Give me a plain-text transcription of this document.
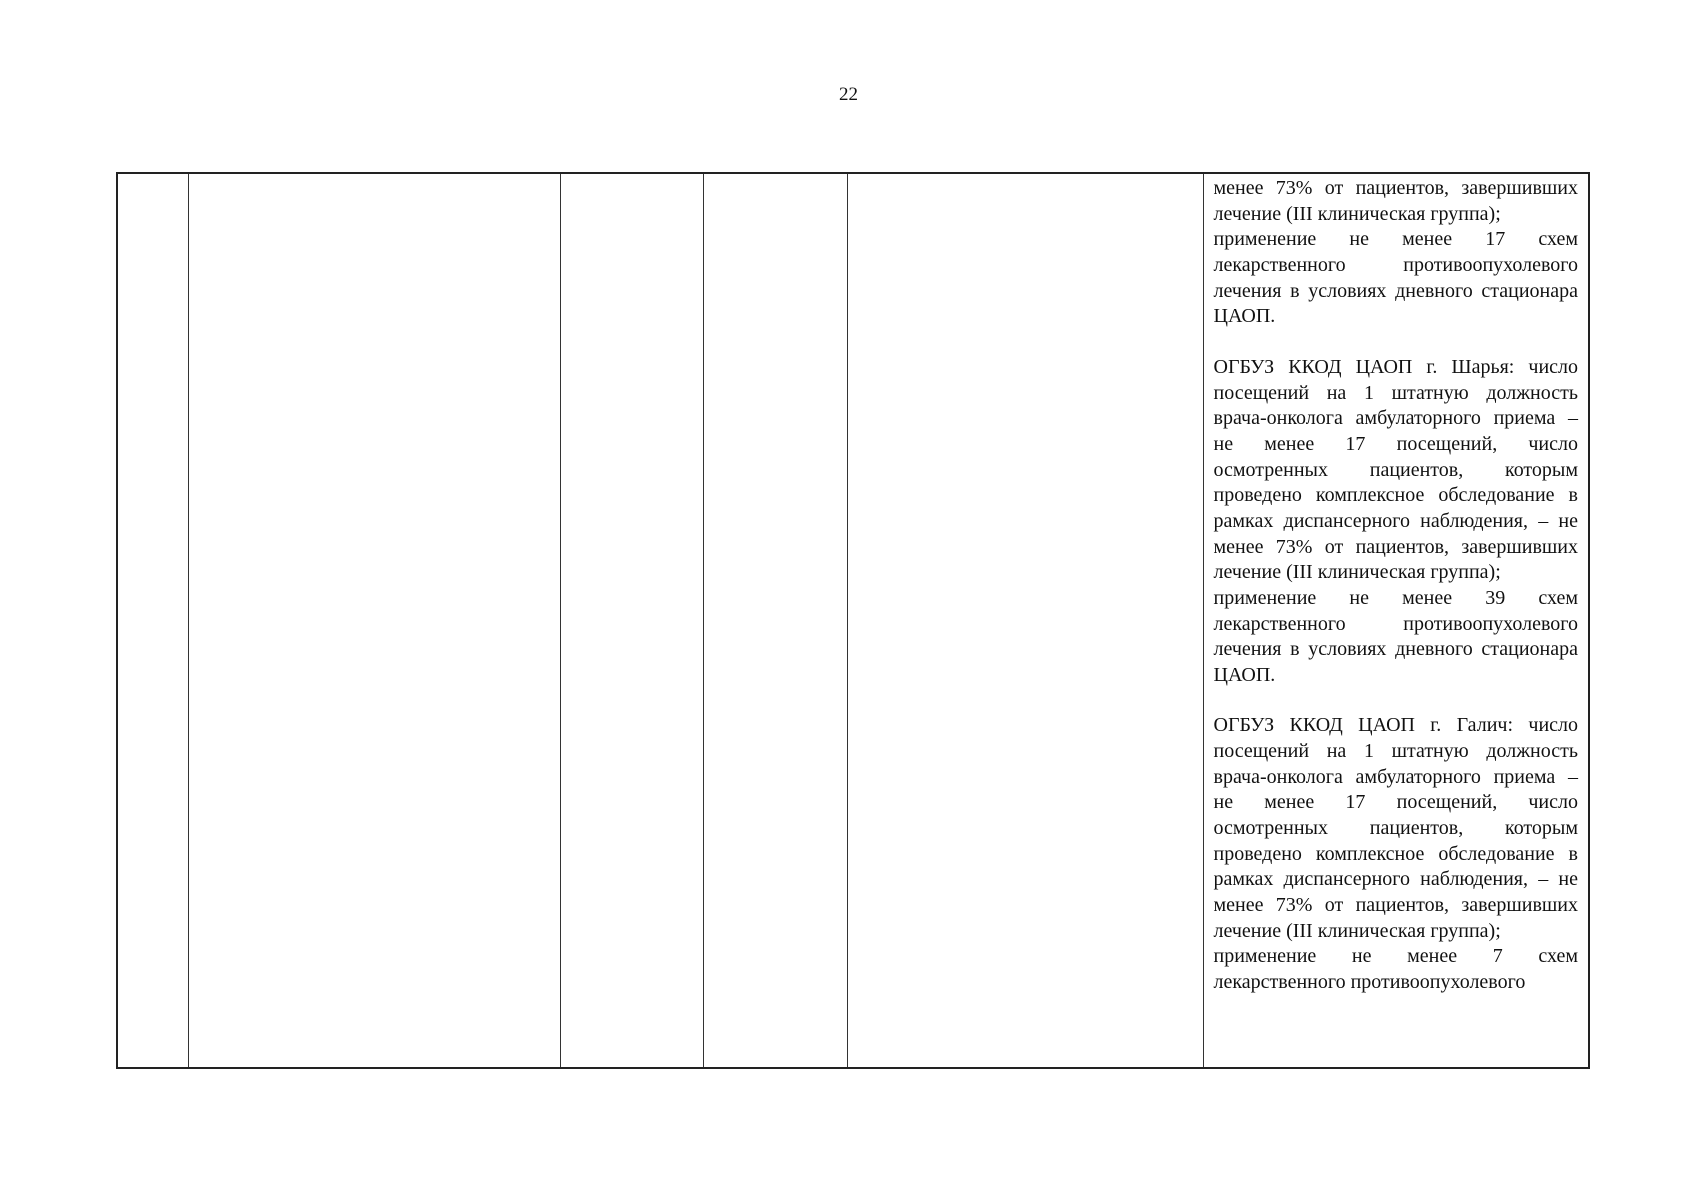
22

менее 73% от пациентов, завершивших лечение (III клиническая группа);

применение не менее 17 схем лекарственного противоопухолевого лечения в условиях дневного стационара ЦАОП.

ОГБУЗ ККОД ЦАОП г. Шарья: число посещений на 1 штатную должность врача-онколога амбулаторного приема – не менее 17 посещений, число осмотренных пациентов, которым проведено комплексное обследование в рамках диспансерного наблюдения, – не менее 73% от пациентов, завершивших лечение (III клиническая группа);

применение не менее 39 схем лекарственного противоопухолевого лечения в условиях дневного стационара ЦАОП.

ОГБУЗ ККОД ЦАОП г. Галич: число посещений на 1 штатную должность врача-онколога амбулаторного приема – не менее 17 посещений, число осмотренных пациентов, которым проведено комплексное обследование в рамках диспансерного наблюдения, – не менее 73% от пациентов, завершивших лечение (III клиническая группа);

применение не менее 7 схем лекарственного противоопухолевого
